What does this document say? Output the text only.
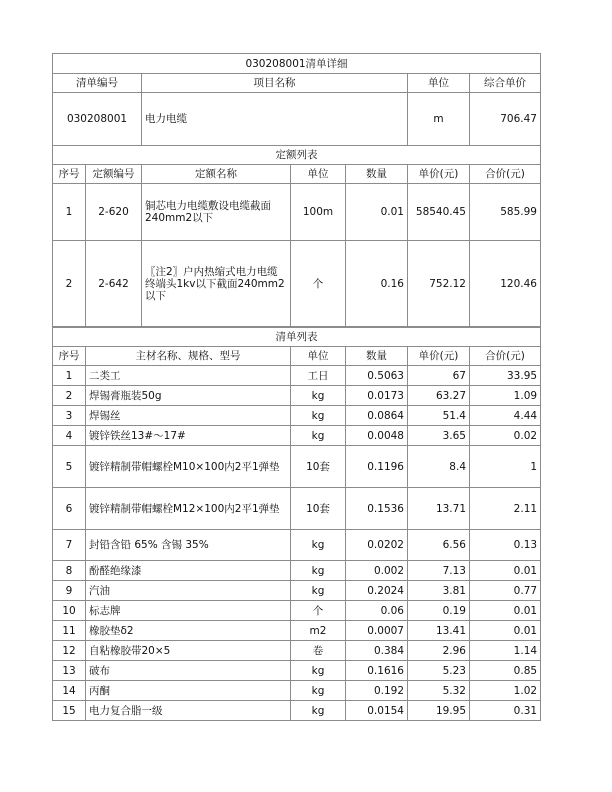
030208001清单详细			
清单编号	项目名称	单位	综合单价
030208001	电力电缆	m	706.47
定额列表						
序号	定额编号	定额名称	单位	数量	单价(元)	合价(元)
1	2-620	铜芯电力电缆敷设电缆截面240mm2以下	100m	0.01	58540.45	585.99
2	2-642	〖注2〗户内热缩式电力电缆终端头1kv以下截面240mm2以下	个	0.16	752.12	120.46
清单列表					
序号	主材名称、规格、型号	单位	数量	单价(元)	合价(元)
1	二类工	工日	0.5063	67	33.95
2	焊锡膏瓶装50g	kg	0.0173	63.27	1.09
3	焊锡丝	kg	0.0864	51.4	4.44
4	镀锌铁丝13#～17#	kg	0.0048	3.65	0.02
5	镀锌精制带帽螺栓M10×100内2平1弹垫	10套	0.1196	8.4	1
6	镀锌精制带帽螺栓M12×100内2平1弹垫	10套	0.1536	13.71	2.11
7	封铅含铅 65% 含锡 35%	kg	0.0202	6.56	0.13
8	酚醛绝缘漆	kg	0.002	7.13	0.01
9	汽油	kg	0.2024	3.81	0.77
10	标志牌	个	0.06	0.19	0.01
11	橡胶垫δ2	m2	0.0007	13.41	0.01
12	自粘橡胶带20×5	卷	0.384	2.96	1.14
13	破布	kg	0.1616	5.23	0.85
14	丙酮	kg	0.192	5.32	1.02
15	电力复合脂一级	kg	0.0154	19.95	0.31
